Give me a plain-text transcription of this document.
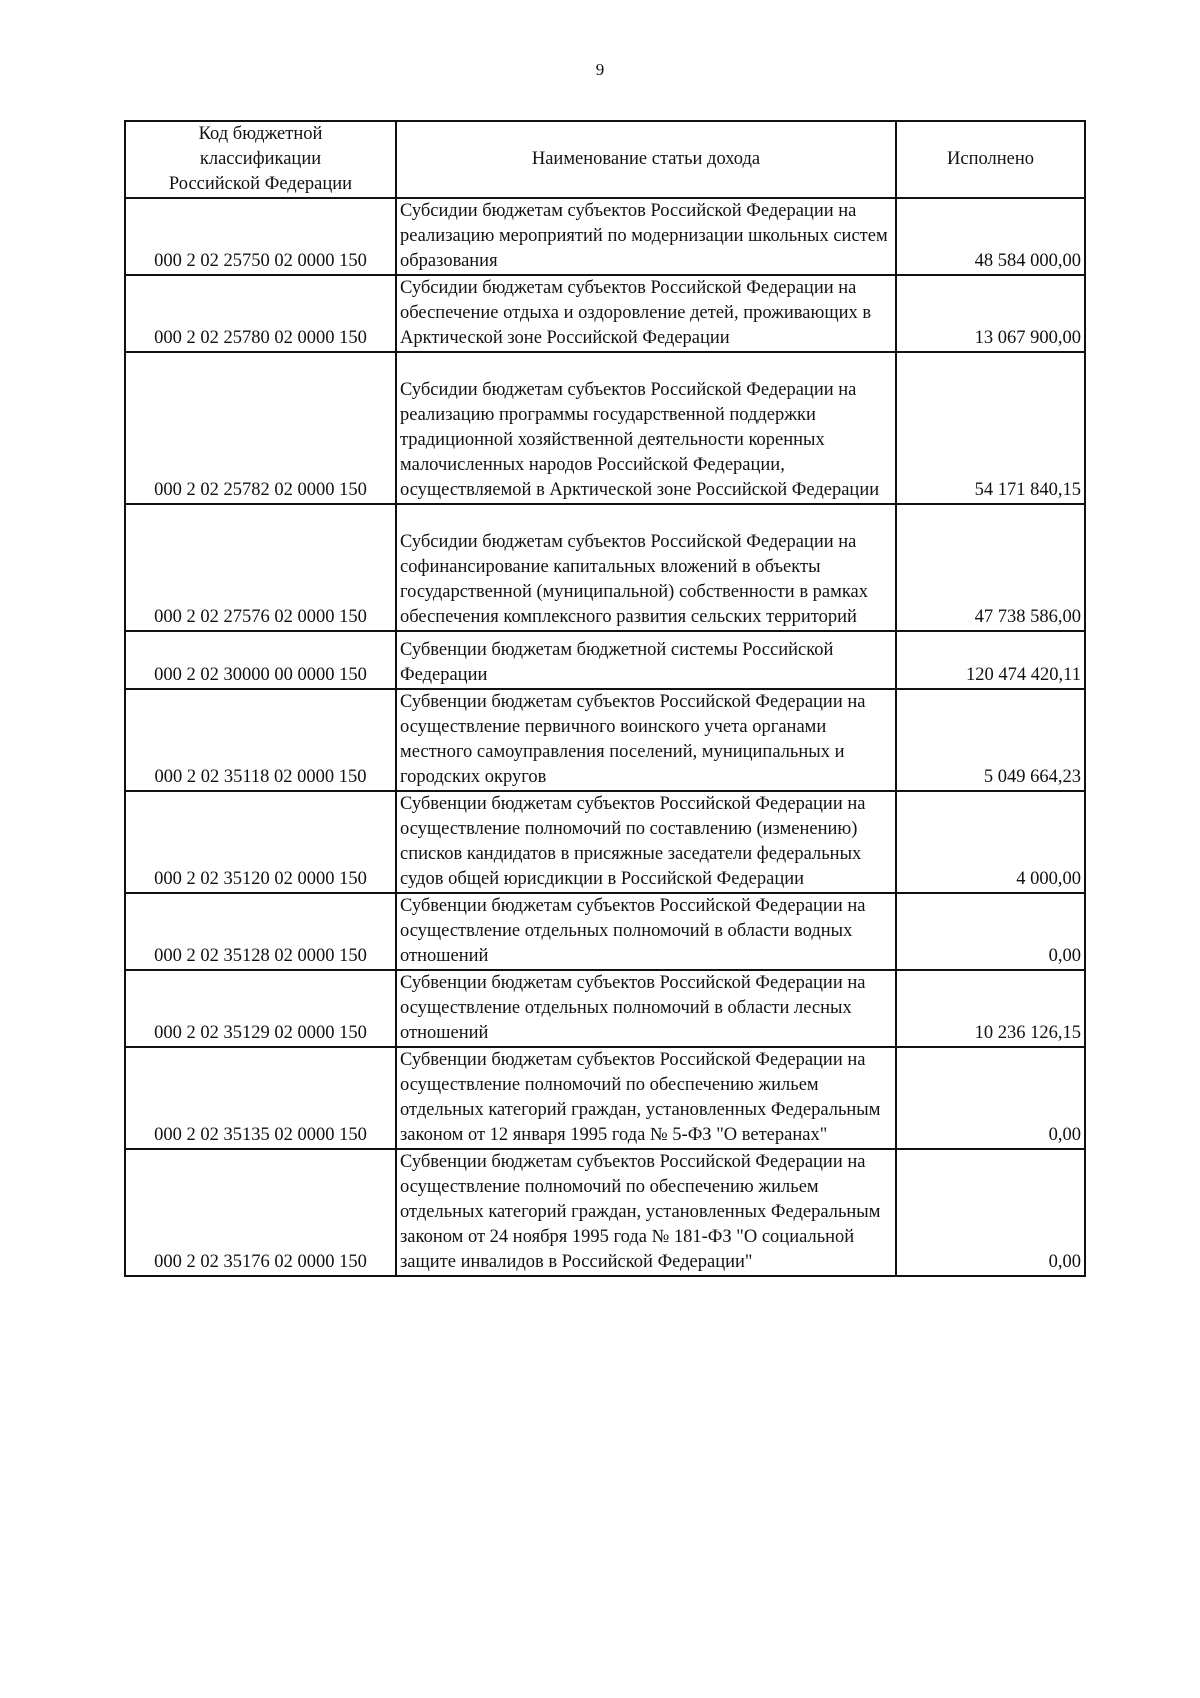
9
Код бюджетной классификации Российской Федерации	Наименование статьи дохода	Исполнено
000 2 02 25750 02 0000 150	Субсидии бюджетам субъектов Российской Федерации на реализацию мероприятий по модернизации школьных систем образования	48 584 000,00
000 2 02 25780 02 0000 150	Субсидии бюджетам субъектов Российской Федерации на обеспечение отдыха и оздоровление детей, проживающих в Арктической зоне Российской Федерации	13 067 900,00
000 2 02 25782 02 0000 150	Субсидии бюджетам субъектов Российской Федерации на реализацию программы государственной поддержки традиционной хозяйственной деятельности коренных малочисленных народов Российской Федерации, осуществляемой в Арктической зоне Российской Федерации	54 171 840,15
000 2 02 27576 02 0000 150	Субсидии бюджетам субъектов Российской Федерации на софинансирование капитальных вложений в объекты государственной (муниципальной) собственности в рамках обеспечения комплексного развития сельских территорий	47 738 586,00
000 2 02 30000 00 0000 150	Субвенции бюджетам бюджетной системы Российской Федерации	120 474 420,11
000 2 02 35118 02 0000 150	Субвенции бюджетам субъектов Российской Федерации на осуществление первичного воинского учета органами местного самоуправления поселений, муниципальных и городских округов	5 049 664,23
000 2 02 35120 02 0000 150	Субвенции бюджетам субъектов Российской Федерации на осуществление полномочий по составлению (изменению) списков кандидатов в присяжные заседатели федеральных судов общей юрисдикции в Российской Федерации	4 000,00
000 2 02 35128 02 0000 150	Субвенции бюджетам субъектов Российской Федерации на осуществление отдельных полномочий в области водных отношений	0,00
000 2 02 35129 02 0000 150	Субвенции бюджетам субъектов Российской Федерации на осуществление отдельных полномочий в области лесных отношений	10 236 126,15
000 2 02 35135 02 0000 150	Субвенции бюджетам субъектов Российской Федерации на осуществление полномочий по обеспечению жильем отдельных категорий граждан, установленных Федеральным законом от 12 января 1995 года № 5-ФЗ "О ветеранах"	0,00
000 2 02 35176 02 0000 150	Субвенции бюджетам субъектов Российской Федерации на осуществление полномочий по обеспечению жильем отдельных категорий граждан, установленных Федеральным законом от 24 ноября 1995 года № 181-ФЗ "О социальной защите инвалидов в Российской Федерации"	0,00
